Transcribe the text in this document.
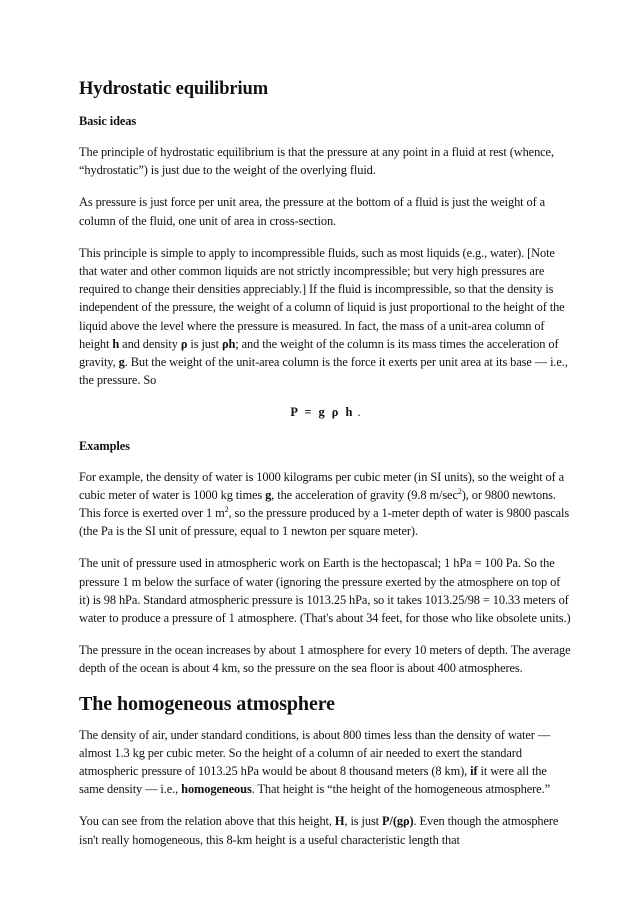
Hydrostatic equilibrium
Basic ideas

The principle of hydrostatic equilibrium is that the pressure at any point in a fluid at rest (whence, “hydrostatic”) is just due to the weight of the overlying fluid.

As pressure is just force per unit area, the pressure at the bottom of a fluid is just the weight of a column of the fluid, one unit of area in cross-section.

This principle is simple to apply to incompressible fluids, such as most liquids (e.g., water). [Note that water and other common liquids are not strictly incompressible; but very high pressures are required to change their densities appreciably.] If the fluid is incompressible, so that the density is independent of the pressure, the weight of a column of liquid is just proportional to the height of the liquid above the level where the pressure is measured. In fact, the mass of a unit-area column of height h and density ρ is just ρh; and the weight of the column is its mass times the acceleration of gravity, g. But the weight of the unit-area column is the force it exerts per unit area at its base — i.e., the pressure. So

P = g ρ h .
Examples

For example, the density of water is 1000 kilograms per cubic meter (in SI units), so the weight of a cubic meter of water is 1000 kg times g, the acceleration of gravity (9.8 $m/\sec^2$), or 9800 newtons. This force is exerted over 1 $m^2$, so the pressure produced by a 1-meter depth of water is 9800 pascals (the Pa is the SI unit of pressure, equal to 1 newton per square meter).

The unit of pressure used in atmospheric work on Earth is the hectopascal; 1 hPa = 100 Pa. So the pressure 1 m below the surface of water (ignoring the pressure exerted by the atmosphere on top of it) is 98 hPa. Standard atmospheric pressure is 1013.25 hPa, so it takes 1013.25/98 = 10.33 meters of water to produce a pressure of 1 atmosphere. (That's about 34 feet, for those who like obsolete units.)

The pressure in the ocean increases by about 1 atmosphere for every 10 meters of depth. The average depth of the ocean is about 4 km, so the pressure on the sea floor is about 400 atmospheres.

The homogeneous atmosphere

The density of air, under standard conditions, is about 800 times less than the density of water — almost 1.3 kg per cubic meter. So the height of a column of air needed to exert the standard atmospheric pressure of 1013.25 hPa would be about 8 thousand meters (8 km), if it were all the same density — i.e., homogeneous. That height is “the height of the homogeneous atmosphere.”

You can see from the relation above that this height, H, is just P/(gρ). Even though the atmosphere isn't really homogeneous, this 8-km height is a useful characteristic length that
